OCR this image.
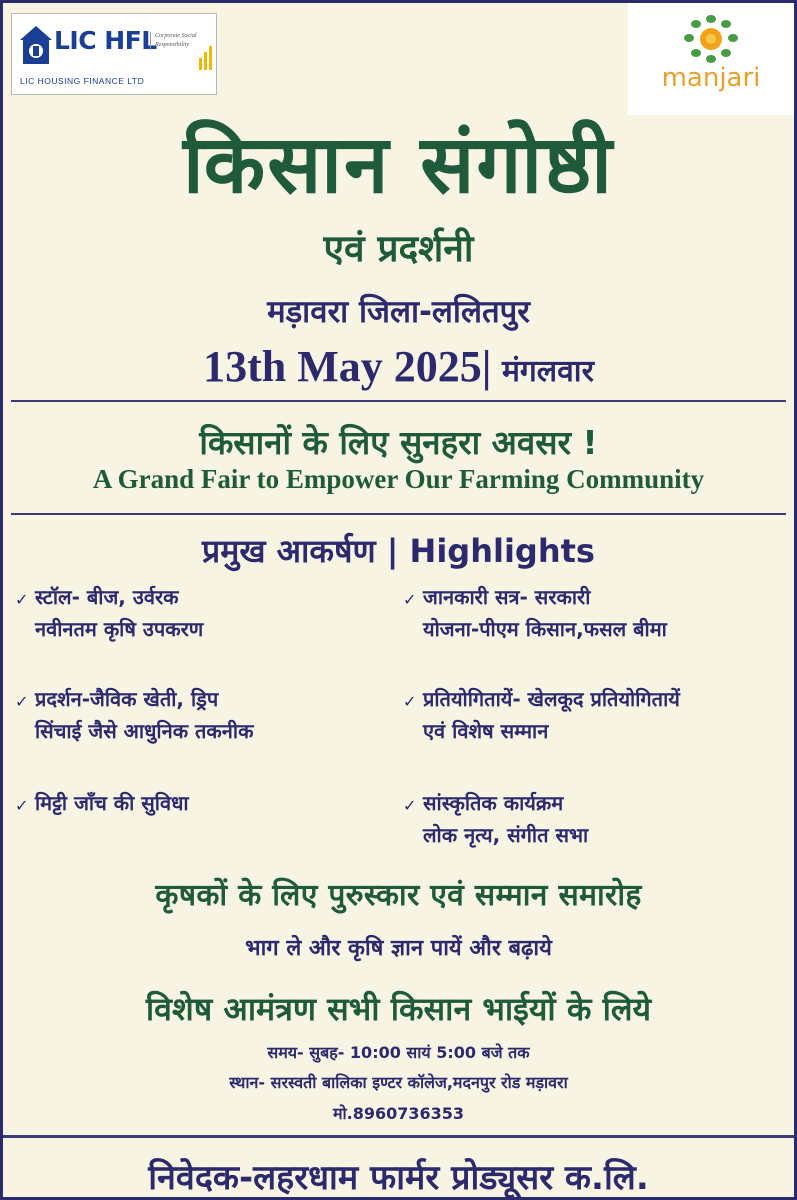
LIC HFL
Corporate Social Responsibility
LIC HOUSING FINANCE LTD	manjari
किसान संगोष्ठी
एवं प्रदर्शनी
मड़ावरा जिला-ललितपुर
13th May 2025| मंगलवार
किसानों के लिए सुनहरा अवसर !
A Grand Fair to Empower Our Farming Community
प्रमुख आकर्षण | Highlights
✓ स्टॉल- बीज, उर्वरक
नवीनतम कृषि उपकरण
✓ जानकारी सत्र- सरकारी
योजना-पीएम किसान,फसल बीमा
✓ प्रदर्शन-जैविक खेती, ड्रिप
सिंचाई जैसे आधुनिक तकनीक
✓ प्रतियोगितायें- खेलकूद प्रतियोगितायें
एवं विशेष सम्मान
✓ मिट्टी जाँच की सुविधा	✓ सांस्कृतिक कार्यक्रम
लोक नृत्य, संगीत सभा
कृषकों के लिए पुरुस्कार एवं सम्मान समारोह
भाग ले और कृषि ज्ञान पायें और बढ़ाये
विशेष आमंत्रण सभी किसान भाईयों के लिये
समय- सुबह- 10:00 सायं 5:00 बजे तक
स्थान- सरस्वती बालिका इण्टर कॉलेज,मदनपुर रोड मड़ावरा
मो.8960736353
निवेदक-लहरधाम फार्मर प्रोड्यूसर क.लि.
